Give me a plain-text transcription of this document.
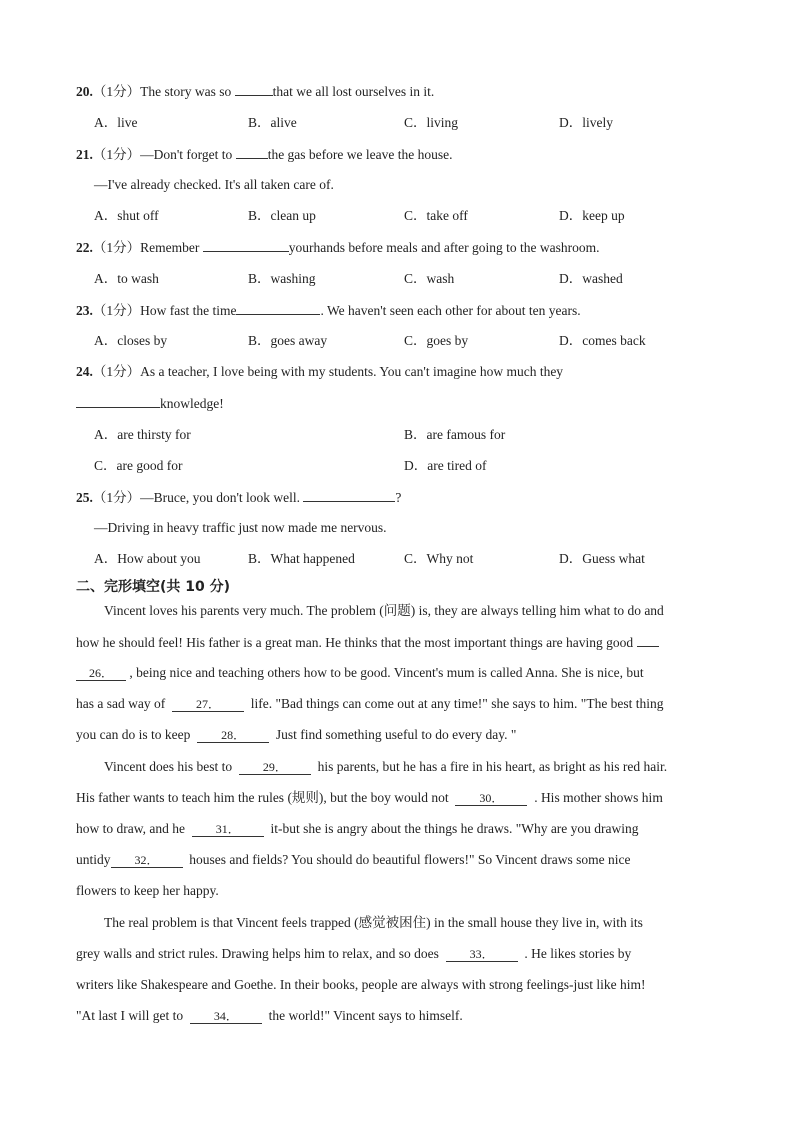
20.（1分）The story was so	that we all lost ourselves in it.
A．live	B．alive	C．living	D．lively
21.（1分）—Don't forget to the gas before we leave the house.
—I've already checked. It's all taken care of.
A．shut off	B．clean up	C．take off	D．keep up
22.（1分）Remember	yourhands before meals and after going to the washroom.
A．to wash	B．washing	C．wash	D．washed
23.（1分）How fast the time	. We haven't seen each other for about ten years.
A．closes by	B．goes away	C．goes by	D．comes back
24.（1分）As a teacher, I love being with my students. You can't imagine how much they
knowledge!
A．are thirsty for	B．are famous for
C．are good for	D．are tired of
25.（1分）—Bruce, you don't look well.	?
—Driving in heavy traffic just now made me nervous.
A．How about you	B．What happened	C．Why not	D．Guess what
二、完形填空(共 10 分)
Vincent loves his parents very much. The problem (问题) is, they are always telling him what to do and
how he should feel! His father is a great man. He thinks that the most important things are having good
26． , being nice and teaching others how to be good. Vincent's mum is called Anna. She is nice, but
has a sad way of	27． life. "Bad things can come out at any time!" she says to him. "The best thing
you can do is to keep	28． Just find something useful to do every day. "
Vincent does his best to	29． his parents, but he has a fire in his heart, as bright as his red hair.
His father wants to teach him the rules (规则), but the boy would not	30． . His mother shows him
how to draw, and he	31． it-but she is angry about the things he draws. "Why are you drawing
untidy 32． houses and fields? You should do beautiful flowers!" So Vincent draws some nice
flowers to keep her happy.
The real problem is that Vincent feels trapped (感觉被困住) in the small house they live in, with its
grey walls and strict rules. Drawing helps him to relax, and so does	33． . He likes stories by
writers like Shakespeare and Goethe. In their books, people are always with strong feelings-just like him!
"At last I will get to	34． the world!" Vincent says to himself.
